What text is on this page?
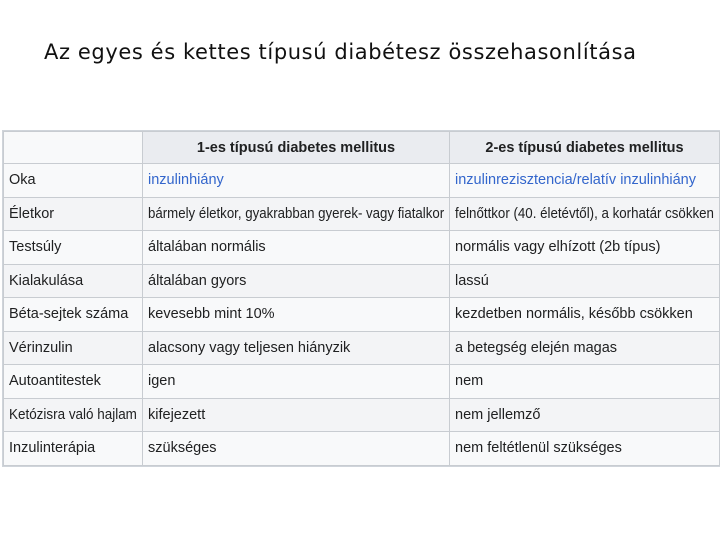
Az egyes és kettes típusú diabétesz összehasonlítása
	1-es típusú diabetes mellitus	2-es típusú diabetes mellitus
Oka	inzulinhiány	inzulinrezisztencia/relatív inzulinhiány
Életkor	bármely életkor, gyakrabban gyerek- vagy fiatalkor	felnőttkor (40. életévtől), a korhatár csökken
Testsúly	általában normális	normális vagy elhízott (2b típus)
Kialakulása	általában gyors	lassú
Béta-sejtek száma	kevesebb mint 10%	kezdetben normális, később csökken
Vérinzulin	alacsony vagy teljesen hiányzik	a betegség elején magas
Autoantitestek	igen	nem
Ketózisra való hajlam	kifejezett	nem jellemző
Inzulinterápia	szükséges	nem feltétlenül szükséges
